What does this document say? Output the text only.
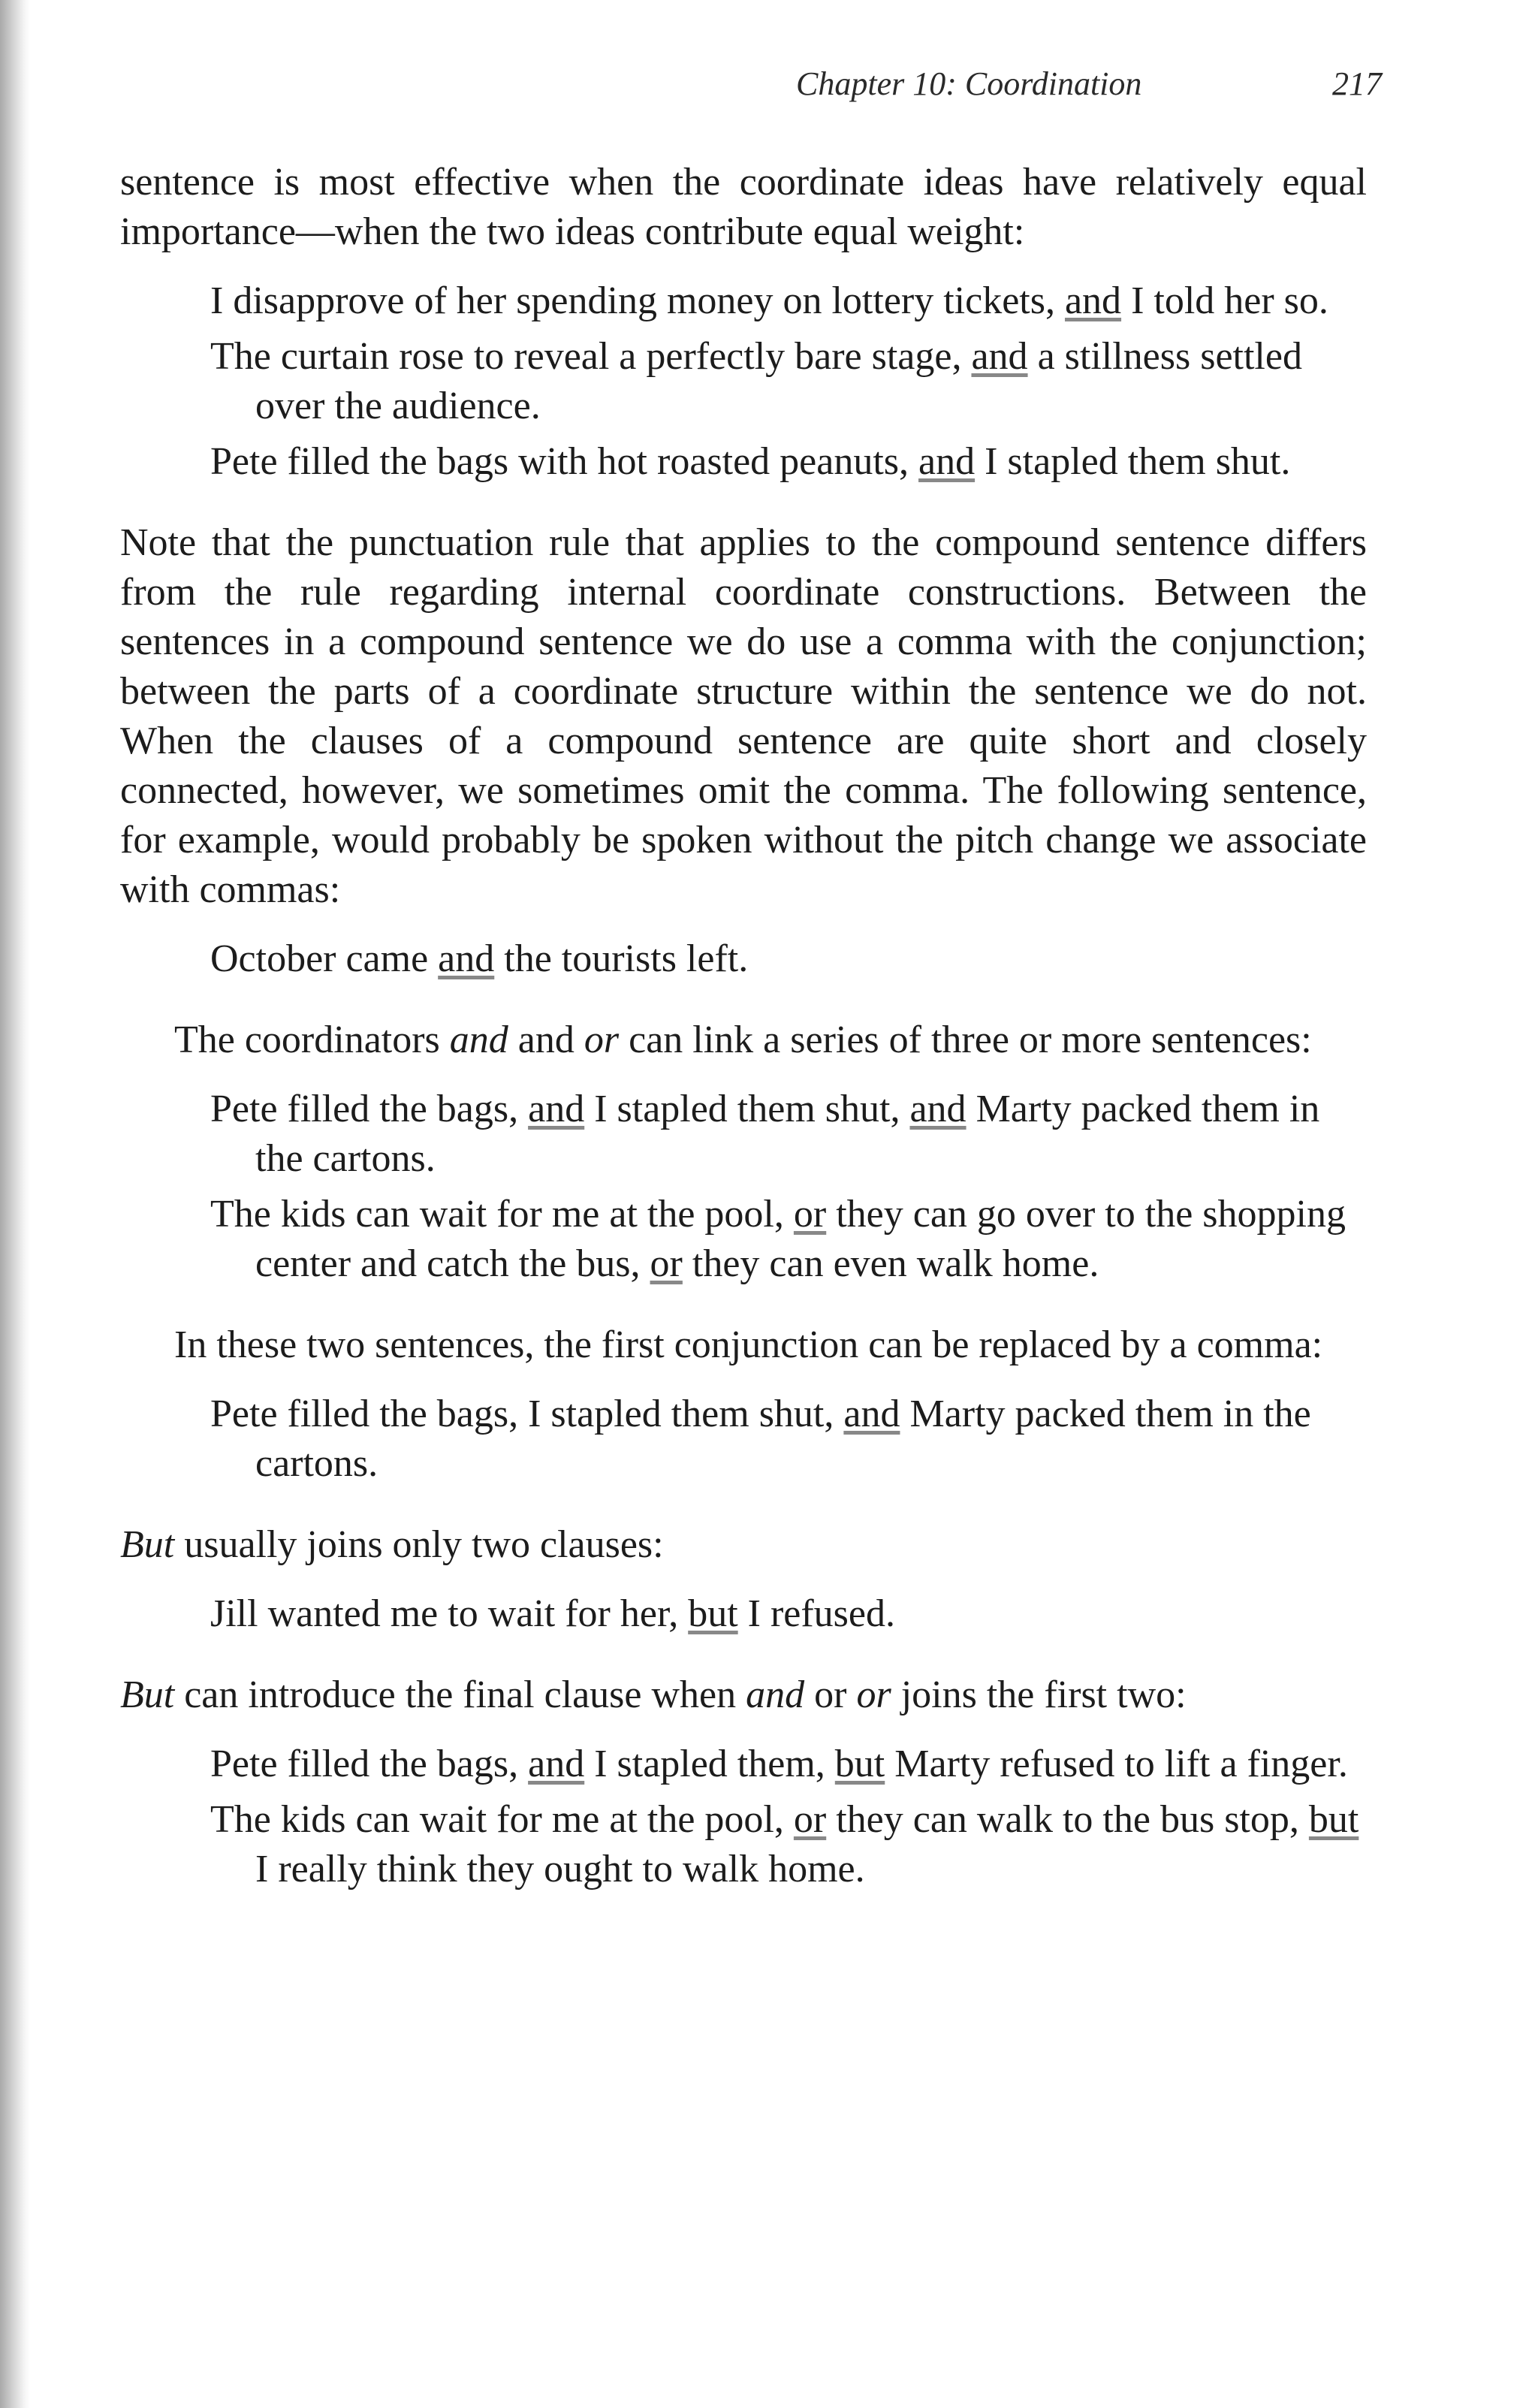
Chapter 10: Coordination	217

sentence is most effective when the coordinate ideas have relatively equal importance—when the two ideas contribute equal weight:

I disapprove of her spending money on lottery tickets, and I told her so.

The curtain rose to reveal a perfectly bare stage, and a stillness settled over the audience.

Pete filled the bags with hot roasted peanuts, and I stapled them shut.

Note that the punctuation rule that applies to the compound sentence differs from the rule regarding internal coordinate constructions. Between the sentences in a compound sentence we do use a comma with the conjunction; between the parts of a coordinate structure within the sentence we do not. When the clauses of a compound sentence are quite short and closely connected, however, we sometimes omit the comma. The following sentence, for example, would probably be spoken without the pitch change we associate with commas:

October came and the tourists left.

The coordinators and and or can link a series of three or more sentences:

Pete filled the bags, and I stapled them shut, and Marty packed them in the cartons.

The kids can wait for me at the pool, or they can go over to the shopping center and catch the bus, or they can even walk home.

In these two sentences, the first conjunction can be replaced by a comma:

Pete filled the bags, I stapled them shut, and Marty packed them in the cartons.

But usually joins only two clauses:

Jill wanted me to wait for her, but I refused.

But can introduce the final clause when and or or joins the first two:

Pete filled the bags, and I stapled them, but Marty refused to lift a finger.

The kids can wait for me at the pool, or they can walk to the bus stop, but I really think they ought to walk home.
